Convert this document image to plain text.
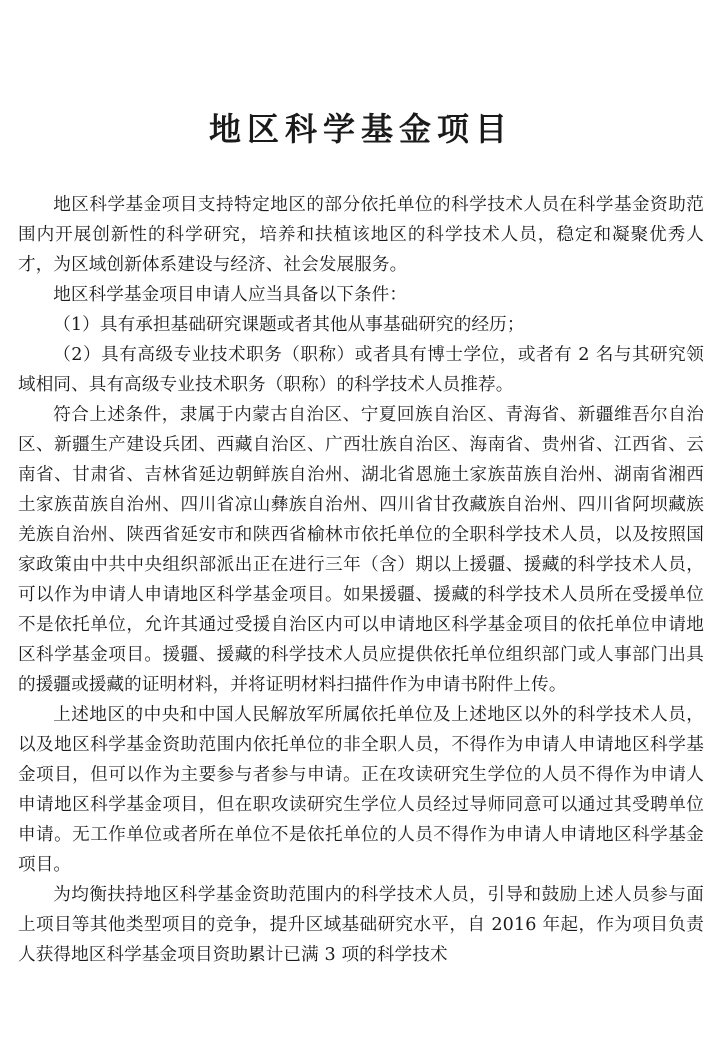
地区科学基金项目

地区科学基金项目支持特定地区的部分依托单位的科学技术人员在科学基金资助范围内开展创新性的科学研究，培养和扶植该地区的科学技术人员，稳定和凝聚优秀人才，为区域创新体系建设与经济、社会发展服务。

地区科学基金项目申请人应当具备以下条件：

（1）具有承担基础研究课题或者其他从事基础研究的经历；

（2）具有高级专业技术职务（职称）或者具有博士学位，或者有 2 名与其研究领域相同、具有高级专业技术职务（职称）的科学技术人员推荐。

符合上述条件，隶属于内蒙古自治区、宁夏回族自治区、青海省、新疆维吾尔自治区、新疆生产建设兵团、西藏自治区、广西壮族自治区、海南省、贵州省、江西省、云南省、甘肃省、吉林省延边朝鲜族自治州、湖北省恩施土家族苗族自治州、湖南省湘西土家族苗族自治州、四川省凉山彝族自治州、四川省甘孜藏族自治州、四川省阿坝藏族羌族自治州、陕西省延安市和陕西省榆林市依托单位的全职科学技术人员，以及按照国家政策由中共中央组织部派出正在进行三年（含）期以上援疆、援藏的科学技术人员，可以作为申请人申请地区科学基金项目。如果援疆、援藏的科学技术人员所在受援单位不是依托单位，允许其通过受援自治区内可以申请地区科学基金项目的依托单位申请地区科学基金项目。援疆、援藏的科学技术人员应提供依托单位组织部门或人事部门出具的援疆或援藏的证明材料，并将证明材料扫描件作为申请书附件上传。

上述地区的中央和中国人民解放军所属依托单位及上述地区以外的科学技术人员，以及地区科学基金资助范围内依托单位的非全职人员，不得作为申请人申请地区科学基金项目，但可以作为主要参与者参与申请。正在攻读研究生学位的人员不得作为申请人申请地区科学基金项目，但在职攻读研究生学位人员经过导师同意可以通过其受聘单位申请。无工作单位或者所在单位不是依托单位的人员不得作为申请人申请地区科学基金项目。

为均衡扶持地区科学基金资助范围内的科学技术人员，引导和鼓励上述人员参与面上项目等其他类型项目的竞争，提升区域基础研究水平，自 2016 年起，作为项目负责人获得地区科学基金项目资助累计已满 3 项的科学技术
